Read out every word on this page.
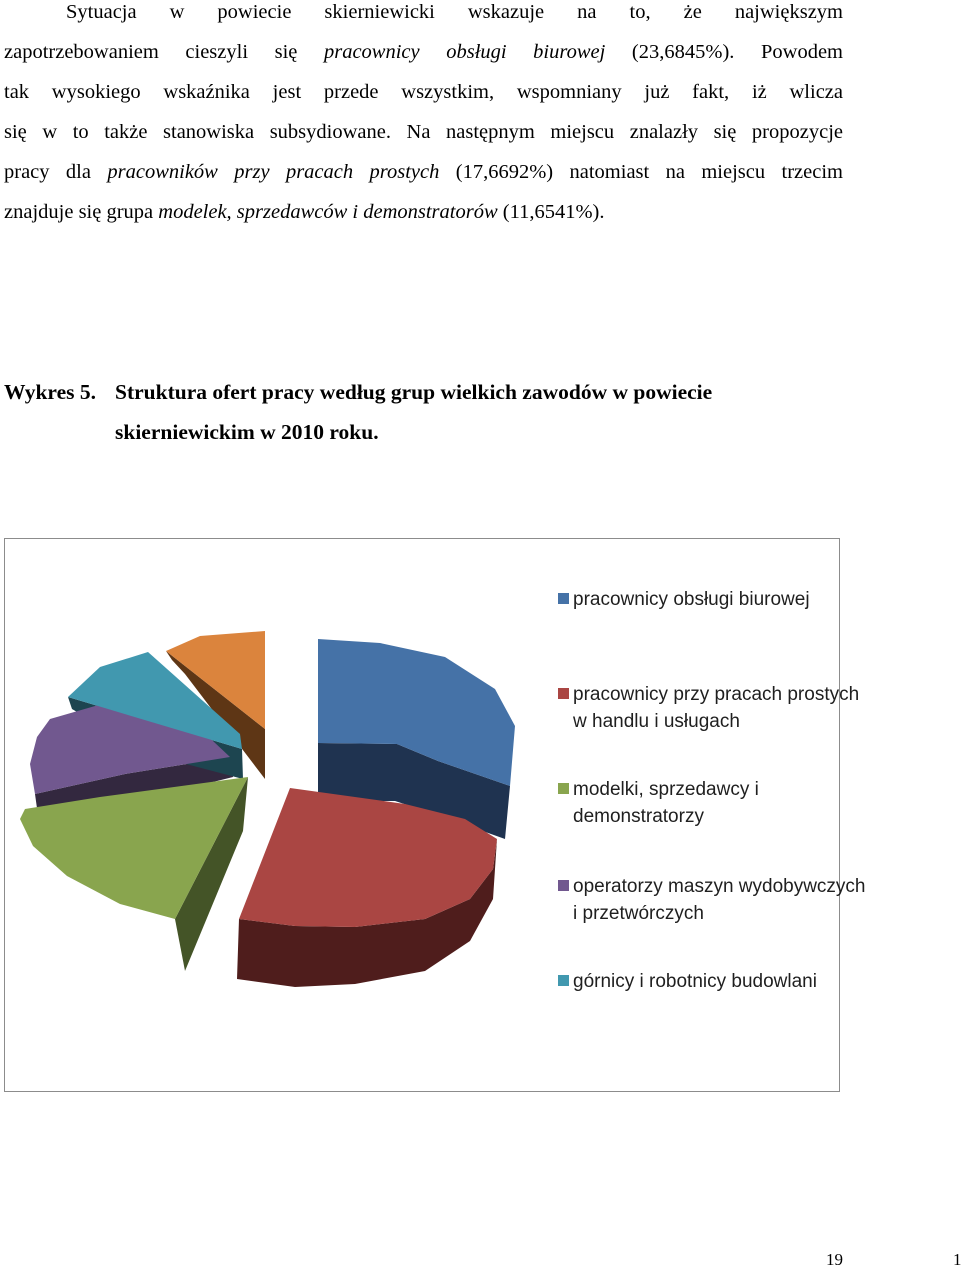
Sytuacja w powiecie skierniewicki wskazuje na to, że największym
zapotrzebowaniem cieszyli się pracownicy obsługi biurowej (23,6845%). Powodem
tak wysokiego wskaźnika jest przede wszystkim, wspomniany już fakt, iż wlicza
się w to także stanowiska subsydiowane. Na następnym miejscu znalazły się propozycje
pracy dla pracowników przy pracach prostych (17,6692%) natomiast na miejscu trzecim
znajduje się grupa modelek, sprzedawców i demonstratorów (11,6541%).
Wykres 5. Struktura ofert pracy według grup wielkich zawodów w powiecie
skierniewickim w 2010 roku.
pracownicy obsługi biurowej
pracownicy przy pracach prostych
w handlu i usługach
modelki, sprzedawcy i
demonstratorzy
operatorzy maszyn wydobywczych
i przetwórczych
górnicy i robotnicy budowlani
19	1
